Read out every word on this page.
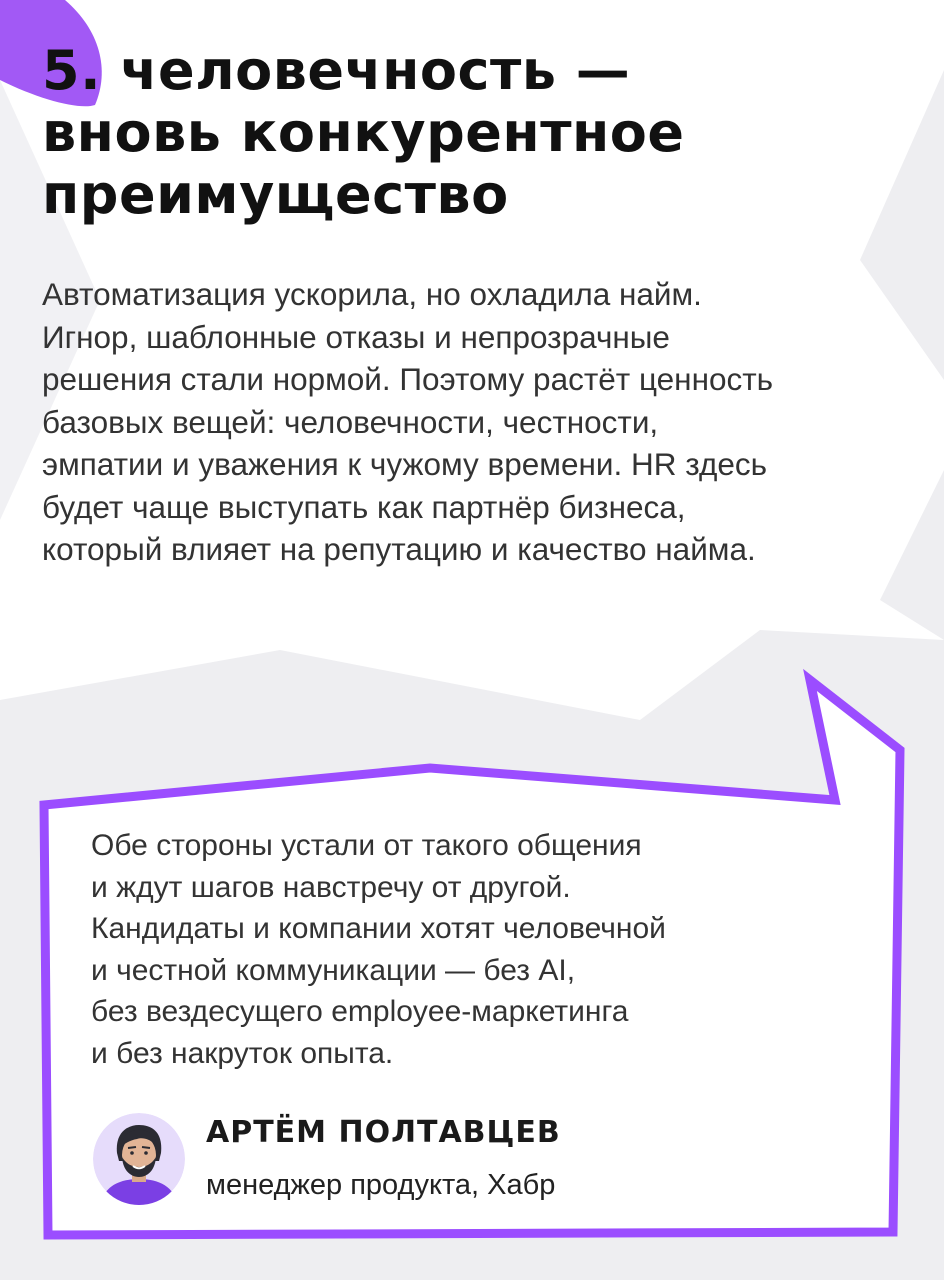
5. человечность —
вновь конкурентное
преимущество
Автоматизация ускорила, но охладила найм.
Игнор, шаблонные отказы и непрозрачные
решения стали нормой. Поэтому растёт ценность
базовых вещей: человечности, честности,
эмпатии и уважения к чужому времени. HR здесь
будет чаще выступать как партнёр бизнеса,
который влияет на репутацию и качество найма.
Обе стороны устали от такого общения
и ждут шагов навстречу от другой.
Кандидаты и компании хотят человечной
и честной коммуникации — без AI,
без вездесущего employee-маркетинга
и без накруток опыта.
АРТЁМ ПОЛТАВЦЕВ
менеджер продукта, Хабр
